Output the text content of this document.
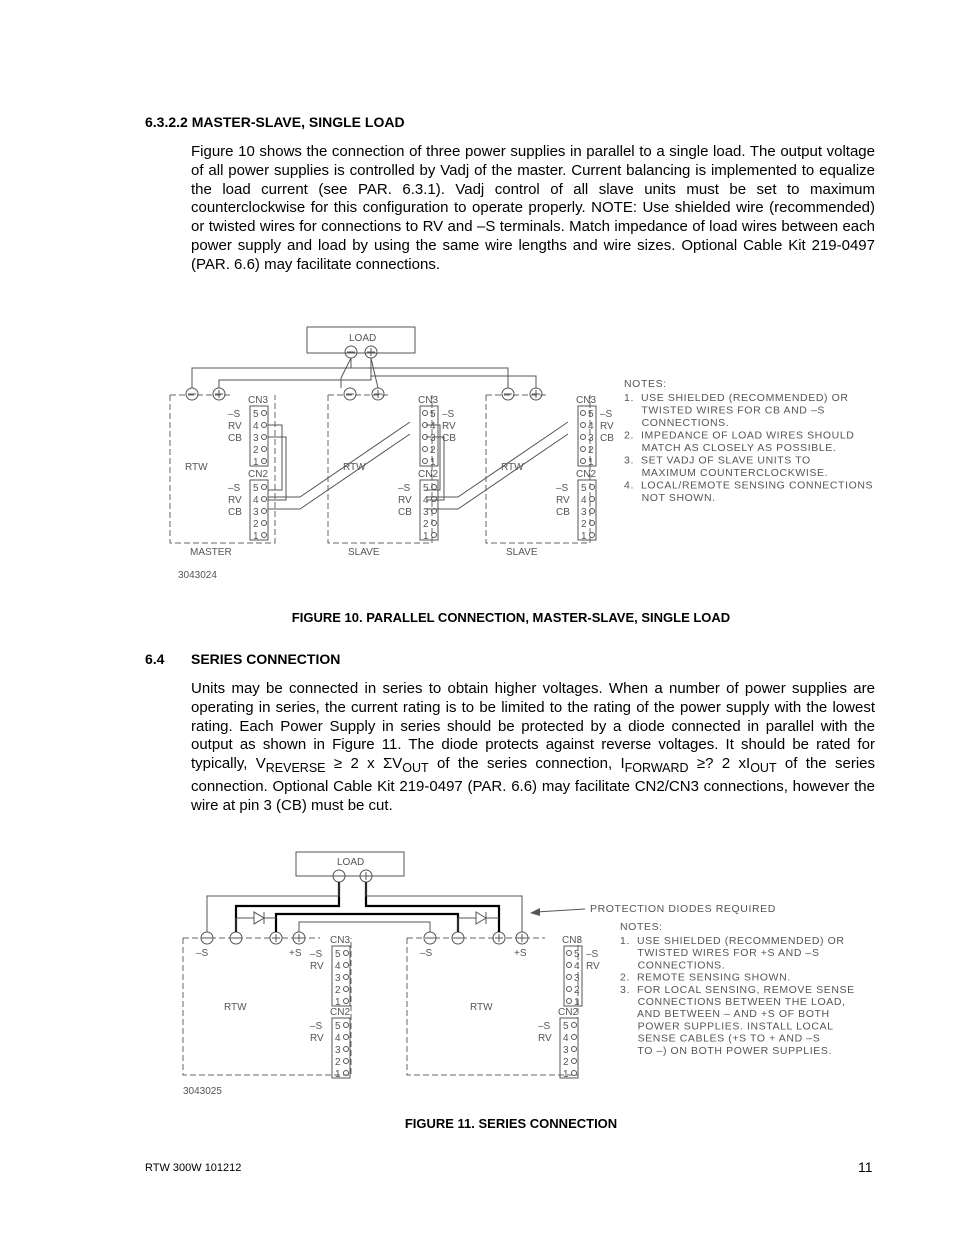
6.3.2.2 MASTER-SLAVE, SINGLE LOAD
Figure 10 shows the connection of three power supplies in parallel to a single load. The output voltage of all power supplies is controlled by Vadj of the master. Current balancing is implemented to equalize the load current (see PAR. 6.3.1). Vadj control of all slave units must be set to maximum counterclockwise for this configuration to operate properly. NOTE: Use shielded wire (recommended) or twisted wires for connections to RV and –S terminals. Match impedance of load wires between each power supply and load by using the same wire lengths and wire sizes. Optional Cable Kit 219-0497 (PAR. 6.6) may facilitate connections.
LOAD
RTW
MASTER
CN3
5
4
3
2
1
–S
RV
CB
CN2
5
4
3
2
1
–S
RV
CB
RTW
SLAVE
CN3
5
4
3
2
1
–S
RV
CB
CN2
5
4
3
2
1
–S
RV
CB
RTW
SLAVE
CN3
5
4
3
2
1
–S
RV
CB
CN2
5
4
3
2
1
–S
RV
CB
3043024
NOTES:
1.  USE SHIELDED (RECOMMENDED) OR
TWISTED WIRES FOR CB AND –S
CONNECTIONS.
2.  IMPEDANCE OF LOAD WIRES SHOULD
MATCH AS CLOSELY AS POSSIBLE.
3.  SET VADJ OF SLAVE UNITS TO
MAXIMUM COUNTERCLOCKWISE.
4.  LOCAL/REMOTE SENSING CONNECTIONS
NOT SHOWN.
FIGURE 10. PARALLEL CONNECTION, MASTER-SLAVE, SINGLE LOAD
6.4 SERIES CONNECTION
Units may be connected in series to obtain higher voltages. When a number of power supplies are operating in series, the current rating is to be limited to the rating of the power supply with the lowest rating. Each Power Supply in series should be protected by a diode connected in parallel with the output as shown in Figure 11. The diode protects against reverse voltages. It should be rated for typically, $V_{REVERSE} \ge 2$ x $\Sigma V_{OUT}$ of the series connection, $I_{FORWARD}$ ≥? 2 $xI_{OUT}$ of the series connection. Optional Cable Kit 219-0497 (PAR. 6.6) may facilitate CN2/CN3 connections, however the wire at pin 3 (CB) must be cut.
LOAD
PROTECTION DIODES REQUIRED
–S	+S	–S	+S
RTW	RTW
CN3
5
4
3
2
1
–S
RV
CN2
5
4
3
2
1
–S
RV
CN3
5
4
3
2
1
–S
RV
CN2
5
4
3
2
1
–S
RV
3043025
NOTES:
1.  USE SHIELDED (RECOMMENDED) OR
TWISTED WIRES FOR +S AND –S
CONNECTIONS.
2.  REMOTE SENSING SHOWN.
3.  FOR LOCAL SENSING, REMOVE SENSE
CONNECTIONS BETWEEN THE LOAD,
AND BETWEEN – AND +S OF BOTH
POWER SUPPLIES. INSTALL LOCAL
SENSE CABLES (+S TO + AND –S
TO –) ON BOTH POWER SUPPLIES.
FIGURE 11. SERIES CONNECTION
RTW 300W 101212	11
